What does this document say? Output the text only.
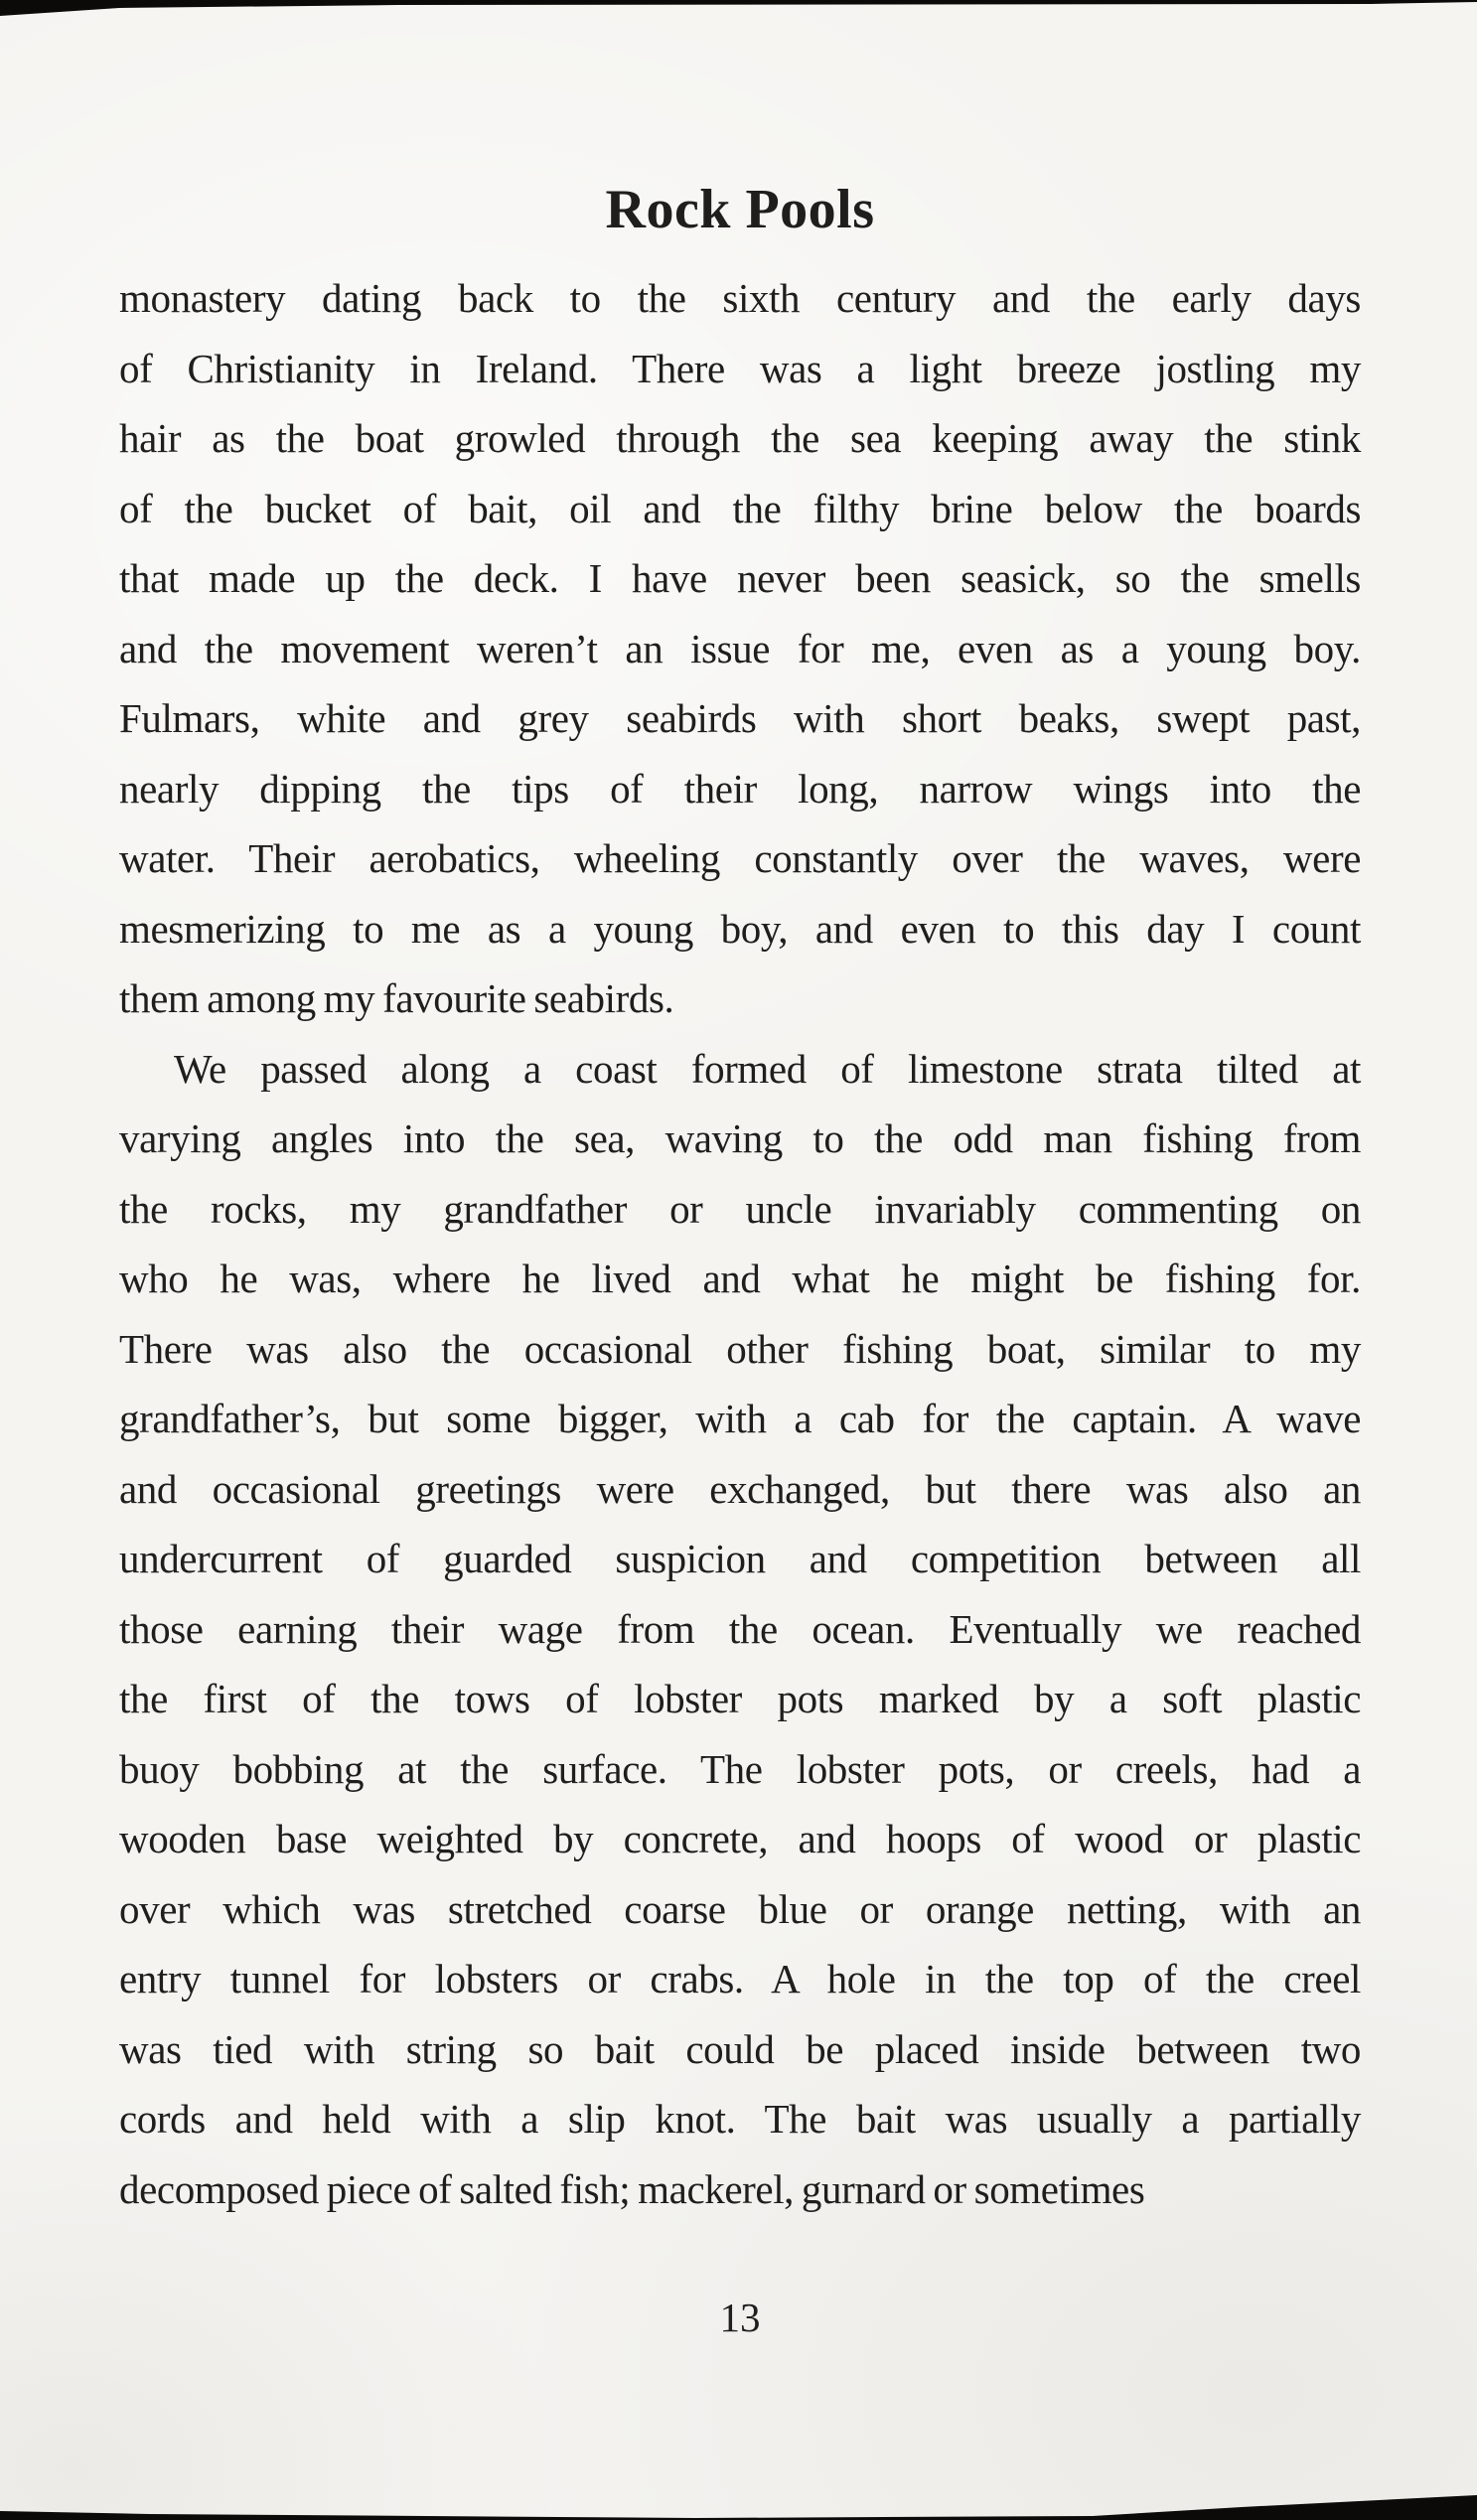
Rock Pools
monastery dating back to the sixth century and the early days
of Christianity in Ireland. There was a light breeze jostling my
hair as the boat growled through the sea keeping away the stink
of the bucket of bait, oil and the filthy brine below the boards
that made up the deck. I have never been seasick, so the smells
and the movement weren’t an issue for me, even as a young boy.
Fulmars, white and grey seabirds with short beaks, swept past,
nearly dipping the tips of their long, narrow wings into the
water. Their aerobatics, wheeling constantly over the waves, were
mesmerizing to me as a young boy, and even to this day I count
them among my favourite seabirds.
We passed along a coast formed of limestone strata tilted at
varying angles into the sea, waving to the odd man fishing from
the rocks, my grandfather or uncle invariably commenting on
who he was, where he lived and what he might be fishing for.
There was also the occasional other fishing boat, similar to my
grandfather’s, but some bigger, with a cab for the captain. A wave
and occasional greetings were exchanged, but there was also an
undercurrent of guarded suspicion and competition between all
those earning their wage from the ocean. Eventually we reached
the first of the tows of lobster pots marked by a soft plastic
buoy bobbing at the surface. The lobster pots, or creels, had a
wooden base weighted by concrete, and hoops of wood or plastic
over which was stretched coarse blue or orange netting, with an
entry tunnel for lobsters or crabs. A hole in the top of the creel
was tied with string so bait could be placed inside between two
cords and held with a slip knot. The bait was usually a partially
decomposed piece of salted fish; mackerel, gurnard or sometimes
13
